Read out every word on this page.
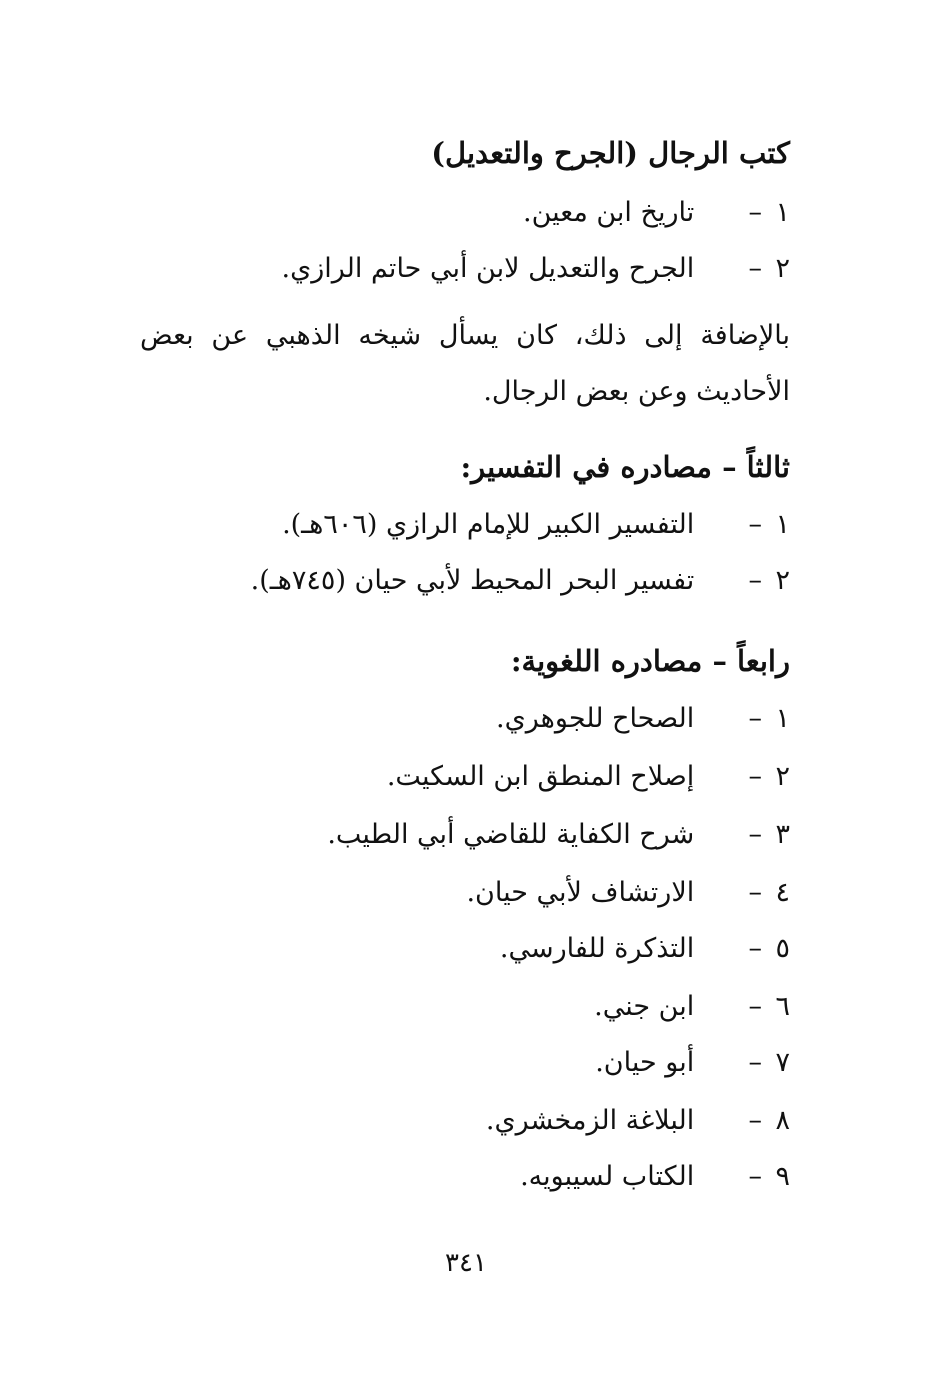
كتب الرجال (الجرح والتعديل)
١–   تاريخ ابن معين.
٢–   الجرح والتعديل لابن أبي حاتم الرازي.
بالإضافة إلى ذلك، كان يسأل شيخه الذهبي عن بعض الأحاديث وعن بعض الرجال.
ثالثاً – مصادره في التفسير:
١–   التفسير الكبير للإمام الرازي (٦٠٦هـ).
٢–   تفسير البحر المحيط لأبي حيان (٧٤٥هـ).
رابعاً – مصادره اللغوية:
١–   الصحاح للجوهري.
٢–   إصلاح المنطق ابن السكيت.
٣–   شرح الكفاية للقاضي أبي الطيب.
٤–   الارتشاف لأبي حيان.
٥–   التذكرة للفارسي.
٦–   ابن جني.
٧–   أبو حيان.
٨–   البلاغة الزمخشري.
٩–   الكتاب لسيبويه.
٣٤١
